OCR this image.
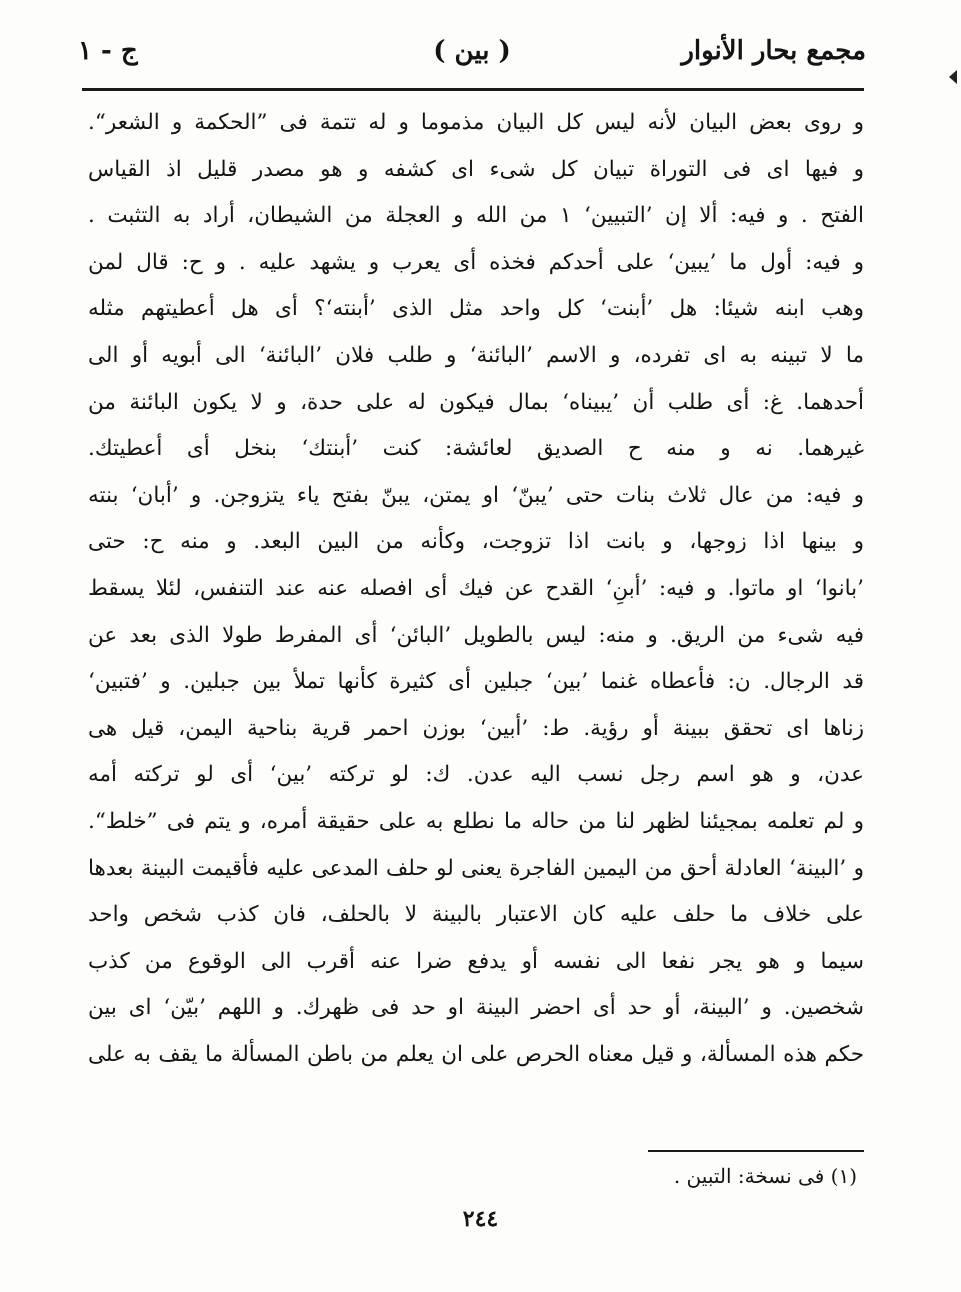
مجمع بحار الأنوار
( بين )
ج - ١
و روى بعض البيان لأنه ليس كل البيان مذموما و له تتمة فى ”الحكمة و الشعر“.
و فيها اى فى التوراة تبيان كل شىء اى كشفه و هو مصدر قليل اذ القياس
الفتح . و فيه: ألا إن ’التبيين‘ ١ من الله و العجلة من الشيطان، أراد به التثبت .
و فيه: أول ما ’يبين‘ على أحدكم فخذه أى يعرب و يشهد عليه . و ح: قال لمن
وهب ابنه شيئا: هل ’أبنت‘ كل واحد مثل الذى ’أبنته‘؟ أى هل أعطيتهم مثله
ما لا تبينه به اى تفرده، و الاسم ’البائنة‘ و طلب فلان ’البائنة‘ الى أبويه أو الى
أحدهما. غ: أى طلب أن ’يبيناه‘ بمال فيكون له على حدة، و لا يكون البائنة من
غيرهما. نه و منه ح الصديق لعائشة: كنت ’أبنتك‘ بنخل أى أعطيتك.
و فيه: من عال ثلاث بنات حتى ’يبنّ‘ او يمتن، يبنّ بفتح ياء يتزوجن. و ’أبان‘ بنته
و بينها اذا زوجها، و بانت اذا تزوجت، وكأنه من البين البعد. و منه ح: حتى
’بانوا‘ او ماتوا. و فيه: ’أبنِ‘ القدح عن فيك أى افصله عنه عند التنفس، لئلا يسقط
فيه شىء من الريق. و منه: ليس بالطويل ’البائن‘ أى المفرط طولا الذى بعد عن
قد الرجال. ن: فأعطاه غنما ’بين‘ جبلين أى كثيرة كأنها تملأ بين جبلين. و ’فتبين‘
زناها اى تحقق ببينة أو رؤية. ط: ’أبين‘ بوزن احمر قرية بناحية اليمن، قيل هى
عدن، و هو اسم رجل نسب اليه عدن. ك: لو تركته ’بين‘ أى لو تركته أمه
و لم تعلمه بمجيئنا لظهر لنا من حاله ما نطلع به على حقيقة أمره، و يتم فى ”خلط“.
و ’البينة‘ العادلة أحق من اليمين الفاجرة يعنى لو حلف المدعى عليه فأقيمت البينة بعدها
على خلاف ما حلف عليه كان الاعتبار بالبينة لا بالحلف، فان كذب شخص واحد
سيما و هو يجر نفعا الى نفسه أو يدفع ضرا عنه أقرب الى الوقوع من كذب
شخصين. و ’البينة، أو حد أى احضر البينة او حد فى ظهرك. و اللهم ’بيّن‘ اى بين
حكم هذه المسألة، و قيل معناه الحرص على ان يعلم من باطن المسألة ما يقف به على
(١) فى نسخة: التبين .
٢٤٤
